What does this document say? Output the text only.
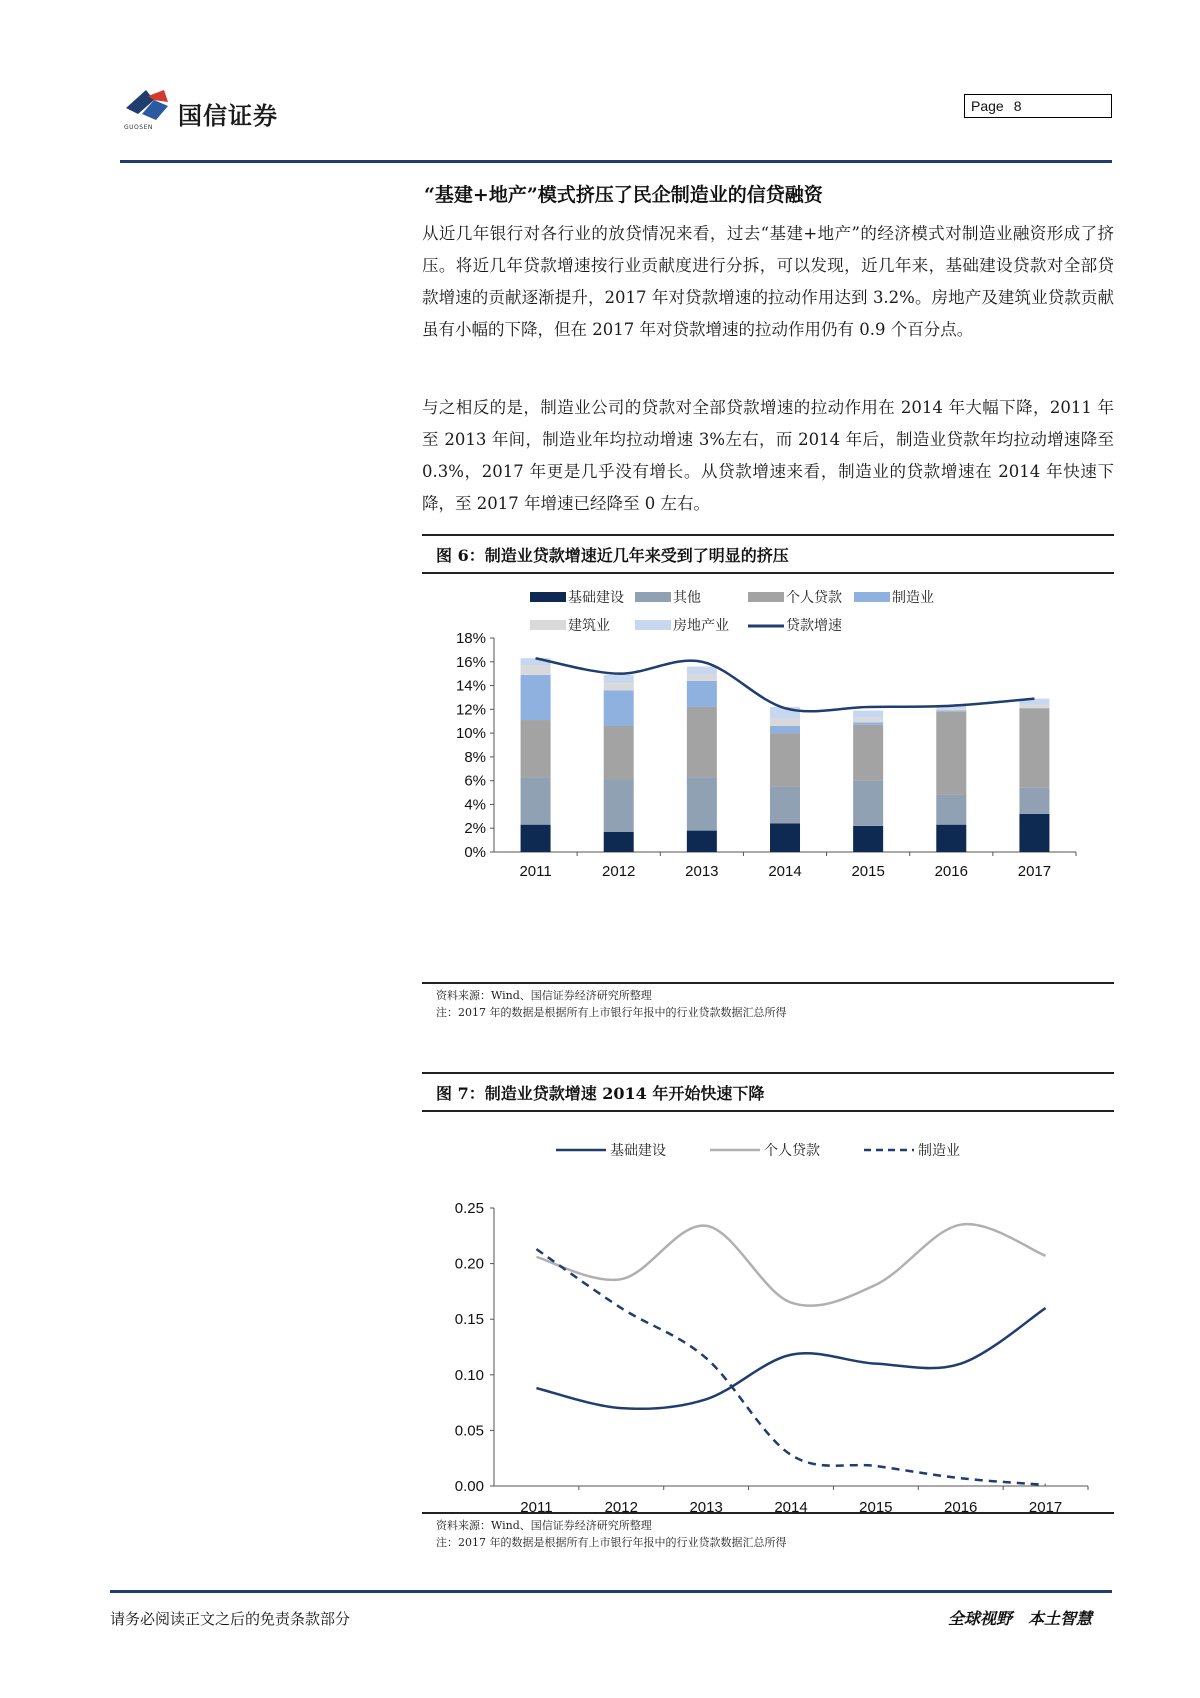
国信证券
GUOSEN
Page 8
“基建+地产”模式挤压了民企制造业的信贷融资
从近几年银行对各行业的放贷情况来看，过去“基建+地产”的经济模式对制造业融资形成了挤压。将近几年贷款增速按行业贡献度进行分拆，可以发现，近几年来，基础建设贷款对全部贷款增速的贡献逐渐提升，2017 年对贷款增速的拉动作用达到 3.2%。房地产及建筑业贷款贡献虽有小幅的下降，但在 2017 年对贷款增速的拉动作用仍有 0.9 个百分点。
与之相反的是，制造业公司的贷款对全部贷款增速的拉动作用在 2014 年大幅下降，2011 年至 2013 年间，制造业年均拉动增速 3%左右，而 2014 年后，制造业贷款年均拉动增速降至 0.3%，2017 年更是几乎没有增长。从贷款增速来看，制造业的贷款增速在 2014 年快速下降，至 2017 年增速已经降至 0 左右。
图 6：制造业贷款增速近几年来受到了明显的挤压
基础建设	其他	个人贷款	制造业
建筑业	房地产业	贷款增速
0%
2%
4%
6%
8%
10%
12%
14%
16%
18%
2011	2012	2013	2014	2015	2016	2017
资料来源：Wind、国信证券经济研究所整理
注：2017 年的数据是根据所有上市银行年报中的行业贷款数据汇总所得
图 7：制造业贷款增速 2014 年开始快速下降
基础建设	个人贷款	制造业
0.00
0.05
0.10
0.15
0.20
0.25
2011	2012	2013	2014	2015	2016	2017
资料来源：Wind、国信证券经济研究所整理
注：2017 年的数据是根据所有上市银行年报中的行业贷款数据汇总所得
请务必阅读正文之后的免责条款部分	全球视野　本土智慧
